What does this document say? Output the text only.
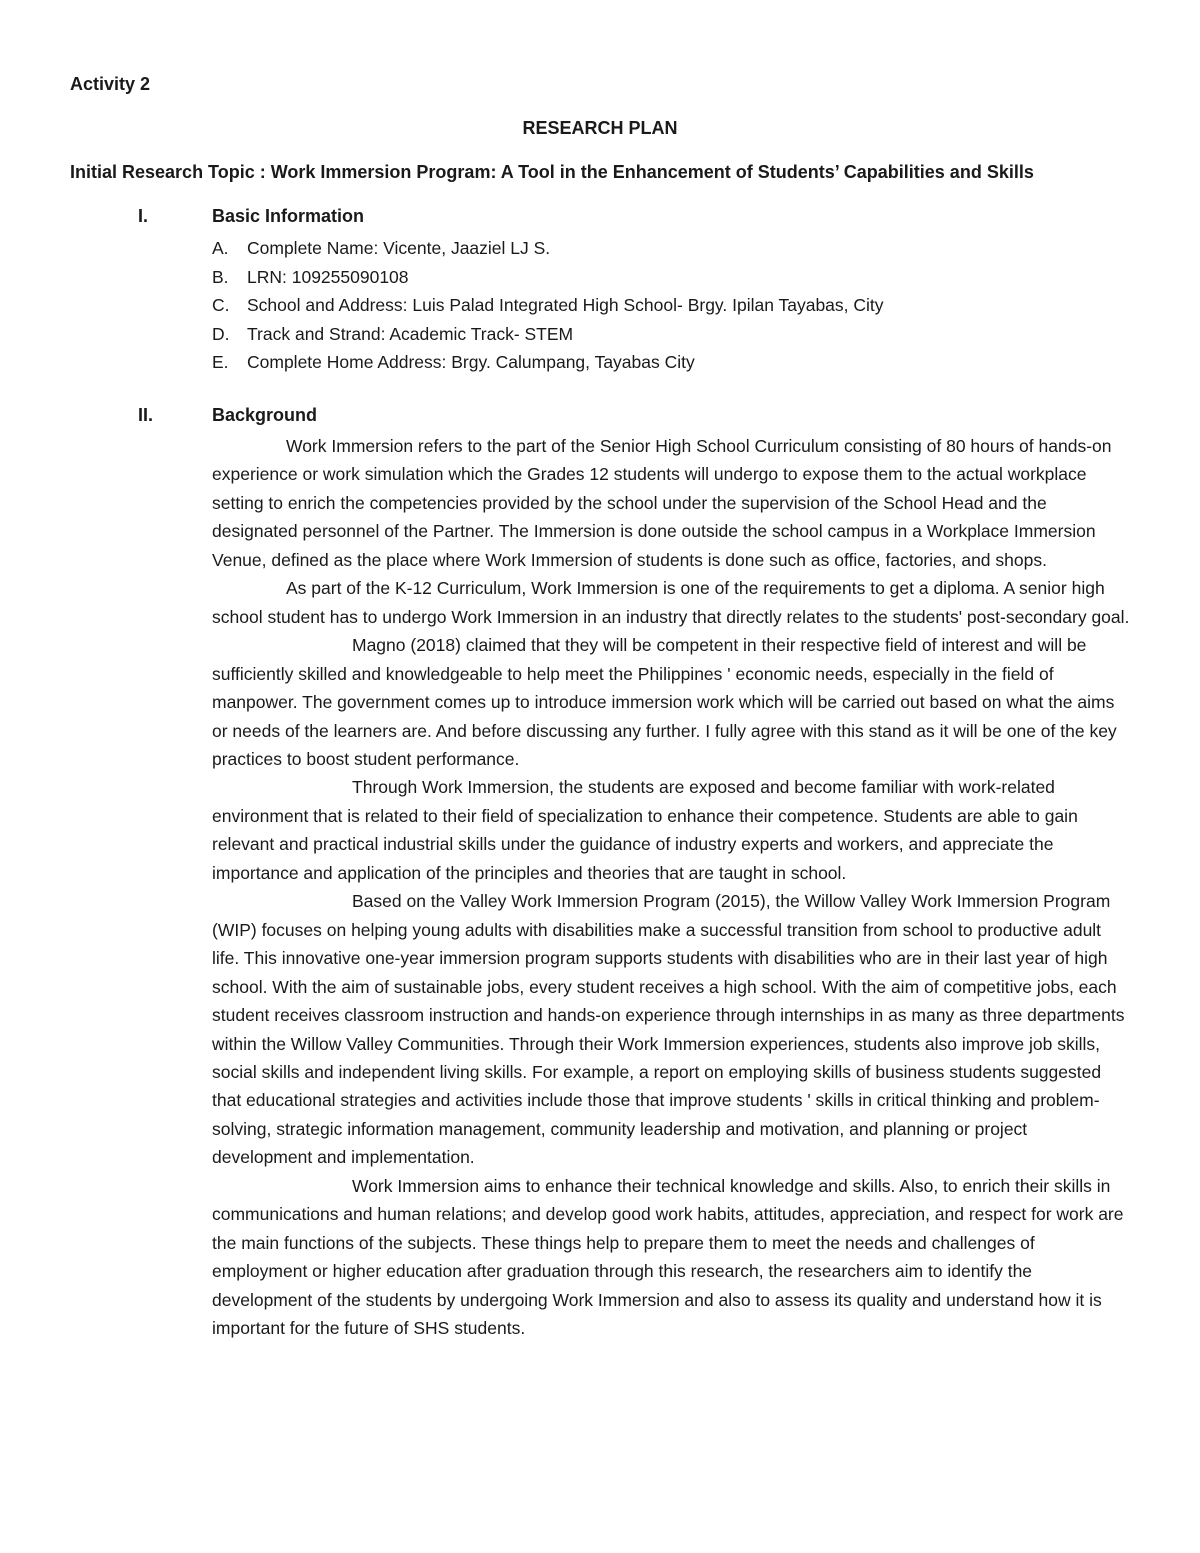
Activity 2
RESEARCH PLAN
Initial Research Topic : Work Immersion Program: A Tool in the Enhancement of Students’ Capabilities and Skills
I.	Basic Information
A. Complete Name: Vicente, Jaaziel LJ S.
B. LRN: 109255090108
C. School and Address: Luis Palad Integrated High School- Brgy. Ipilan Tayabas, City
D. Track and Strand: Academic Track- STEM
E. Complete Home Address: Brgy. Calumpang, Tayabas City
II.	Background

Work Immersion refers to the part of the Senior High School Curriculum consisting of 80 hours of hands-on experience or work simulation which the Grades 12 students will undergo to expose them to the actual workplace setting to enrich the competencies provided by the school under the supervision of the School Head and the designated personnel of the Partner. The Immersion is done outside the school campus in a Workplace Immersion Venue, defined as the place where Work Immersion of students is done such as office, factories, and shops.

As part of the K-12 Curriculum, Work Immersion is one of the requirements to get a diploma. A senior high school student has to undergo Work Immersion in an industry that directly relates to the students' post-secondary goal.

Magno (2018) claimed that they will be competent in their respective field of interest and will be sufficiently skilled and knowledgeable to help meet the Philippines ' economic needs, especially in the field of manpower. The government comes up to introduce immersion work which will be carried out based on what the aims or needs of the learners are. And before discussing any further. I fully agree with this stand as it will be one of the key practices to boost student performance.

Through Work Immersion, the students are exposed and become familiar with work-related environment that is related to their field of specialization to enhance their competence. Students are able to gain relevant and practical industrial skills under the guidance of industry experts and workers, and appreciate the importance and application of the principles and theories that are taught in school.

Based on the Valley Work Immersion Program (2015), the Willow Valley Work Immersion Program (WIP) focuses on helping young adults with disabilities make a successful transition from school to productive adult life. This innovative one-year immersion program supports students with disabilities who are in their last year of high school. With the aim of sustainable jobs, every student receives a high school. With the aim of competitive jobs, each student receives classroom instruction and hands-on experience through internships in as many as three departments within the Willow Valley Communities. Through their Work Immersion experiences, students also improve job skills, social skills and independent living skills. For example, a report on employing skills of business students suggested that educational strategies and activities include those that improve students ' skills in critical thinking and problem-solving, strategic information management, community leadership and motivation, and planning or project development and implementation.

Work Immersion aims to enhance their technical knowledge and skills. Also, to enrich their skills in communications and human relations; and develop good work habits, attitudes, appreciation, and respect for work are the main functions of the subjects. These things help to prepare them to meet the needs and challenges of employment or higher education after graduation through this research, the researchers aim to identify the development of the students by undergoing Work Immersion and also to assess its quality and understand how it is important for the future of SHS students.
